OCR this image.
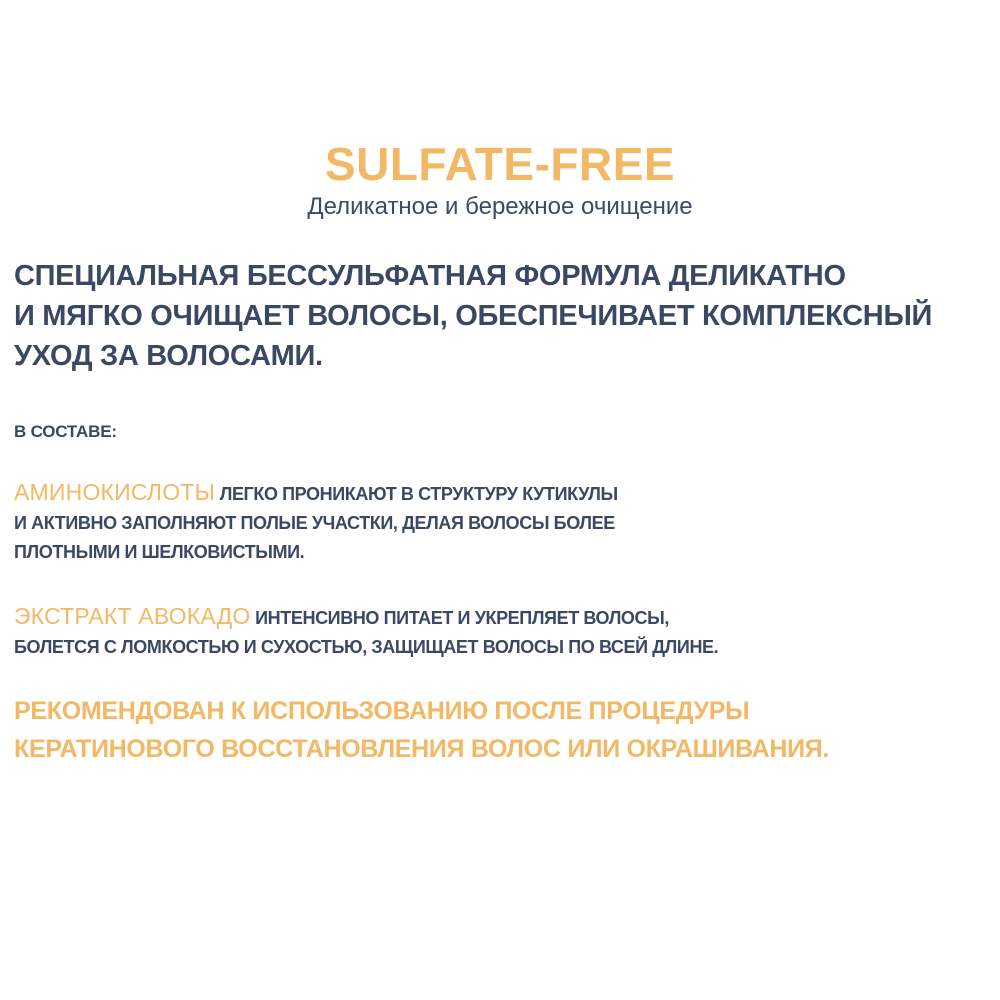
SULFATE-FREE
Деликатное и бережное очищение
СПЕЦИАЛЬНАЯ БЕССУЛЬФАТНАЯ ФОРМУЛА ДЕЛИКАТНО
И МЯГКО ОЧИЩАЕТ ВОЛОСЫ, ОБЕСПЕЧИВАЕТ КОМПЛЕКСНЫЙ
УХОД ЗА ВОЛОСАМИ.
В СОСТАВЕ:
АМИНОКИСЛОТЫ ЛЕГКО ПРОНИКАЮТ В СТРУКТУРУ КУТИКУЛЫ
И АКТИВНО ЗАПОЛНЯЮТ ПОЛЫЕ УЧАСТКИ, ДЕЛАЯ ВОЛОСЫ БОЛЕЕ
ПЛОТНЫМИ И ШЕЛКОВИСТЫМИ.
ЭКСТРАКТ АВОКАДО ИНТЕНСИВНО ПИТАЕТ И УКРЕПЛЯЕТ ВОЛОСЫ,
БОЛЕТСЯ С ЛОМКОСТЬЮ И СУХОСТЬЮ, ЗАЩИЩАЕТ ВОЛОСЫ ПО ВСЕЙ ДЛИНЕ.
РЕКОМЕНДОВАН К ИСПОЛЬЗОВАНИЮ ПОСЛЕ ПРОЦЕДУРЫ
КЕРАТИНОВОГО ВОССТАНОВЛЕНИЯ ВОЛОС ИЛИ ОКРАШИВАНИЯ.
